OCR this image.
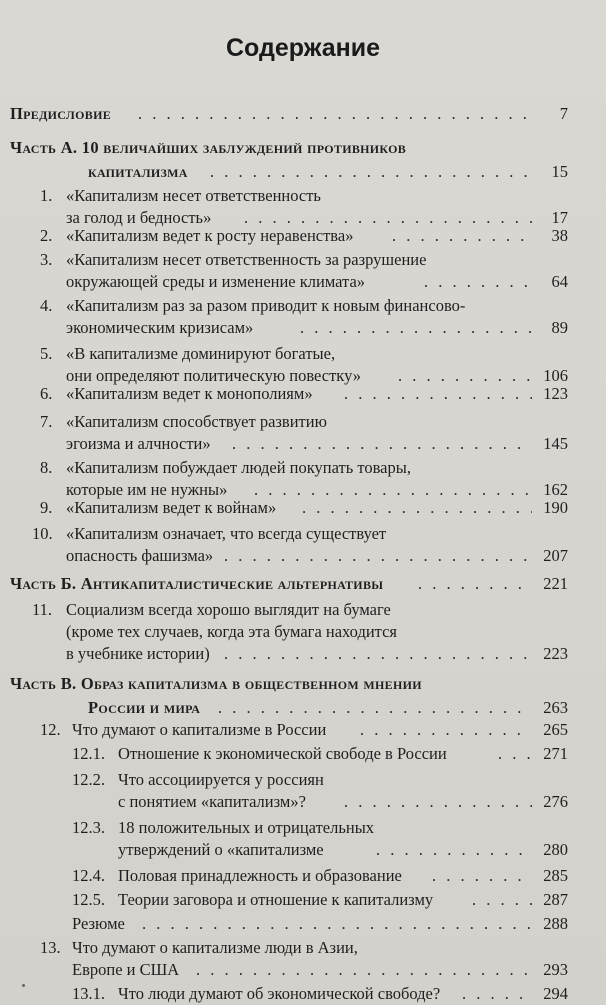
Содержание
Предисловие . . .	7
Часть А. 10 величайших заблуждений противников
капитализма . . .	15
1. «Капитализм несет ответственность
за голод и бедность» . . .	17
2. «Капитализм ведет к росту неравенства» . . .	38
3. «Капитализм несет ответственность за разрушение
окружающей среды и изменение климата» . . .	64
4. «Капитализм раз за разом приводит к новым финансово-
экономическим кризисам» . . .	89
5. «В капитализме доминируют богатые,
они определяют политическую повестку» . . .	106
6. «Капитализм ведет к монополиям» . . .	123
7. «Капитализм способствует развитию
эгоизма и алчности» . . .	145
8. «Капитализм побуждает людей покупать товары,
которые им не нужны» . . .	162
9. «Капитализм ведет к войнам» . . .	190
10. «Капитализм означает, что всегда существует
опасность фашизма» . . .	207
Часть Б. Антикапиталистические альтернативы . . .	221
11. Социализм всегда хорошо выглядит на бумаге
(кроме тех случаев, когда эта бумага находится
в учебнике истории) . . .	223
Часть В. Образ капитализма в общественном мнении
России и мира . . .	263
12. Что думают о капитализме в России . . .	265
12.1. Отношение к экономической свободе в России . . .	271
12.2. Что ассоциируется у россиян
с понятием «капитализм»? . . .	276
12.3. 18 положительных и отрицательных
утверждений о «капитализме . . .	280
12.4. Половая принадлежность и образование . . .	285
12.5. Теории заговора и отношение к капитализму . . .	287
Резюме . . .	288
13. Что думают о капитализме люди в Азии,
Европе и США . . .	293
13.1. Что люди думают об экономической свободе? . . .	294
